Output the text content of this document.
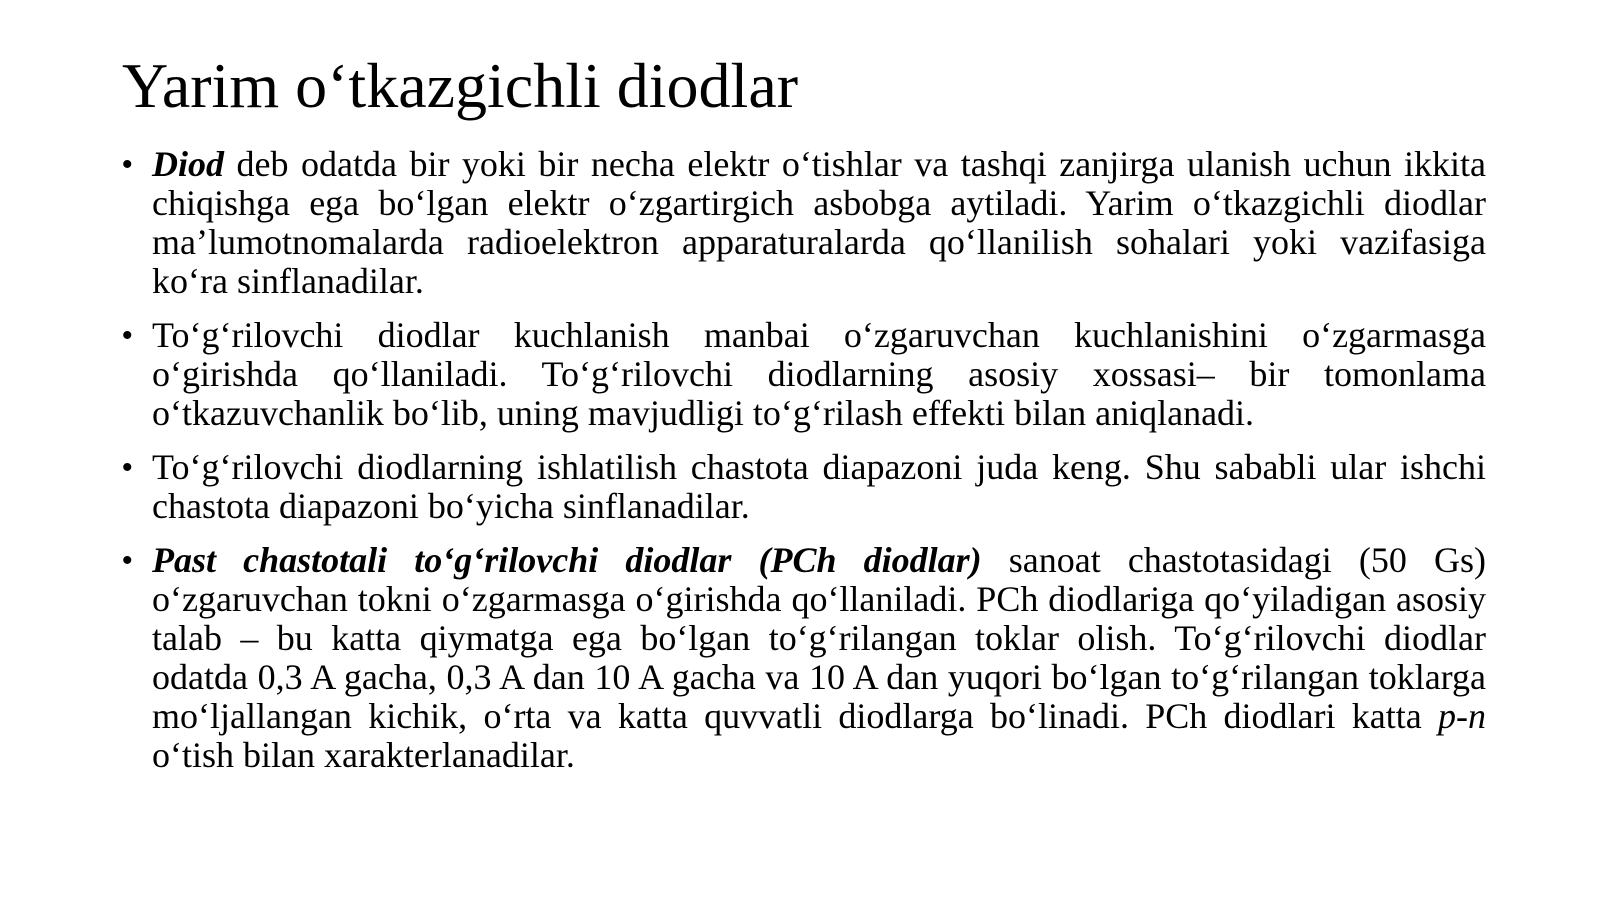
Yarim o‘tkazgichli diodlar
• Diod deb odatda bir yoki bir necha elektr o‘tishlar va tashqi zanjirga ulanish uchun ikkita chiqishga ega bo‘lgan elektr o‘zgartirgich asbobga aytiladi. Yarim o‘tkazgichli diodlar ma’lumotnomalarda radioelektron apparaturalarda qo‘llanilish sohalari yoki vazifasiga ko‘ra sinflanadilar.
• To‘g‘rilovchi diodlar kuchlanish manbai o‘zgaruvchan kuchlanishini o‘zgarmasga o‘girishda qo‘llaniladi. To‘g‘rilovchi diodlarning asosiy xossasi– bir tomonlama o‘tkazuvchanlik bo‘lib, uning mavjudligi to‘g‘rilash effekti bilan aniqlanadi.
• To‘g‘rilovchi diodlarning ishlatilish chastota diapazoni juda keng. Shu sababli ular ishchi chastota diapazoni bo‘yicha sinflanadilar.
• Past chastotali to‘g‘rilovchi diodlar (PCh diodlar) sanoat chastotasidagi (50 Gs) o‘zgaruvchan tokni o‘zgarmasga o‘girishda qo‘llaniladi. PCh diodlariga qo‘yiladigan asosiy talab – bu katta qiymatga ega bo‘lgan to‘g‘rilangan toklar olish. To‘g‘rilovchi diodlar odatda 0,3 A gacha, 0,3 A dan 10 A gacha va 10 A dan yuqori bo‘lgan to‘g‘rilangan toklarga mo‘ljallangan kichik, o‘rta va katta quvvatli diodlarga bo‘linadi. PCh diodlari katta p-n o‘tish bilan xarakterlanadilar.
